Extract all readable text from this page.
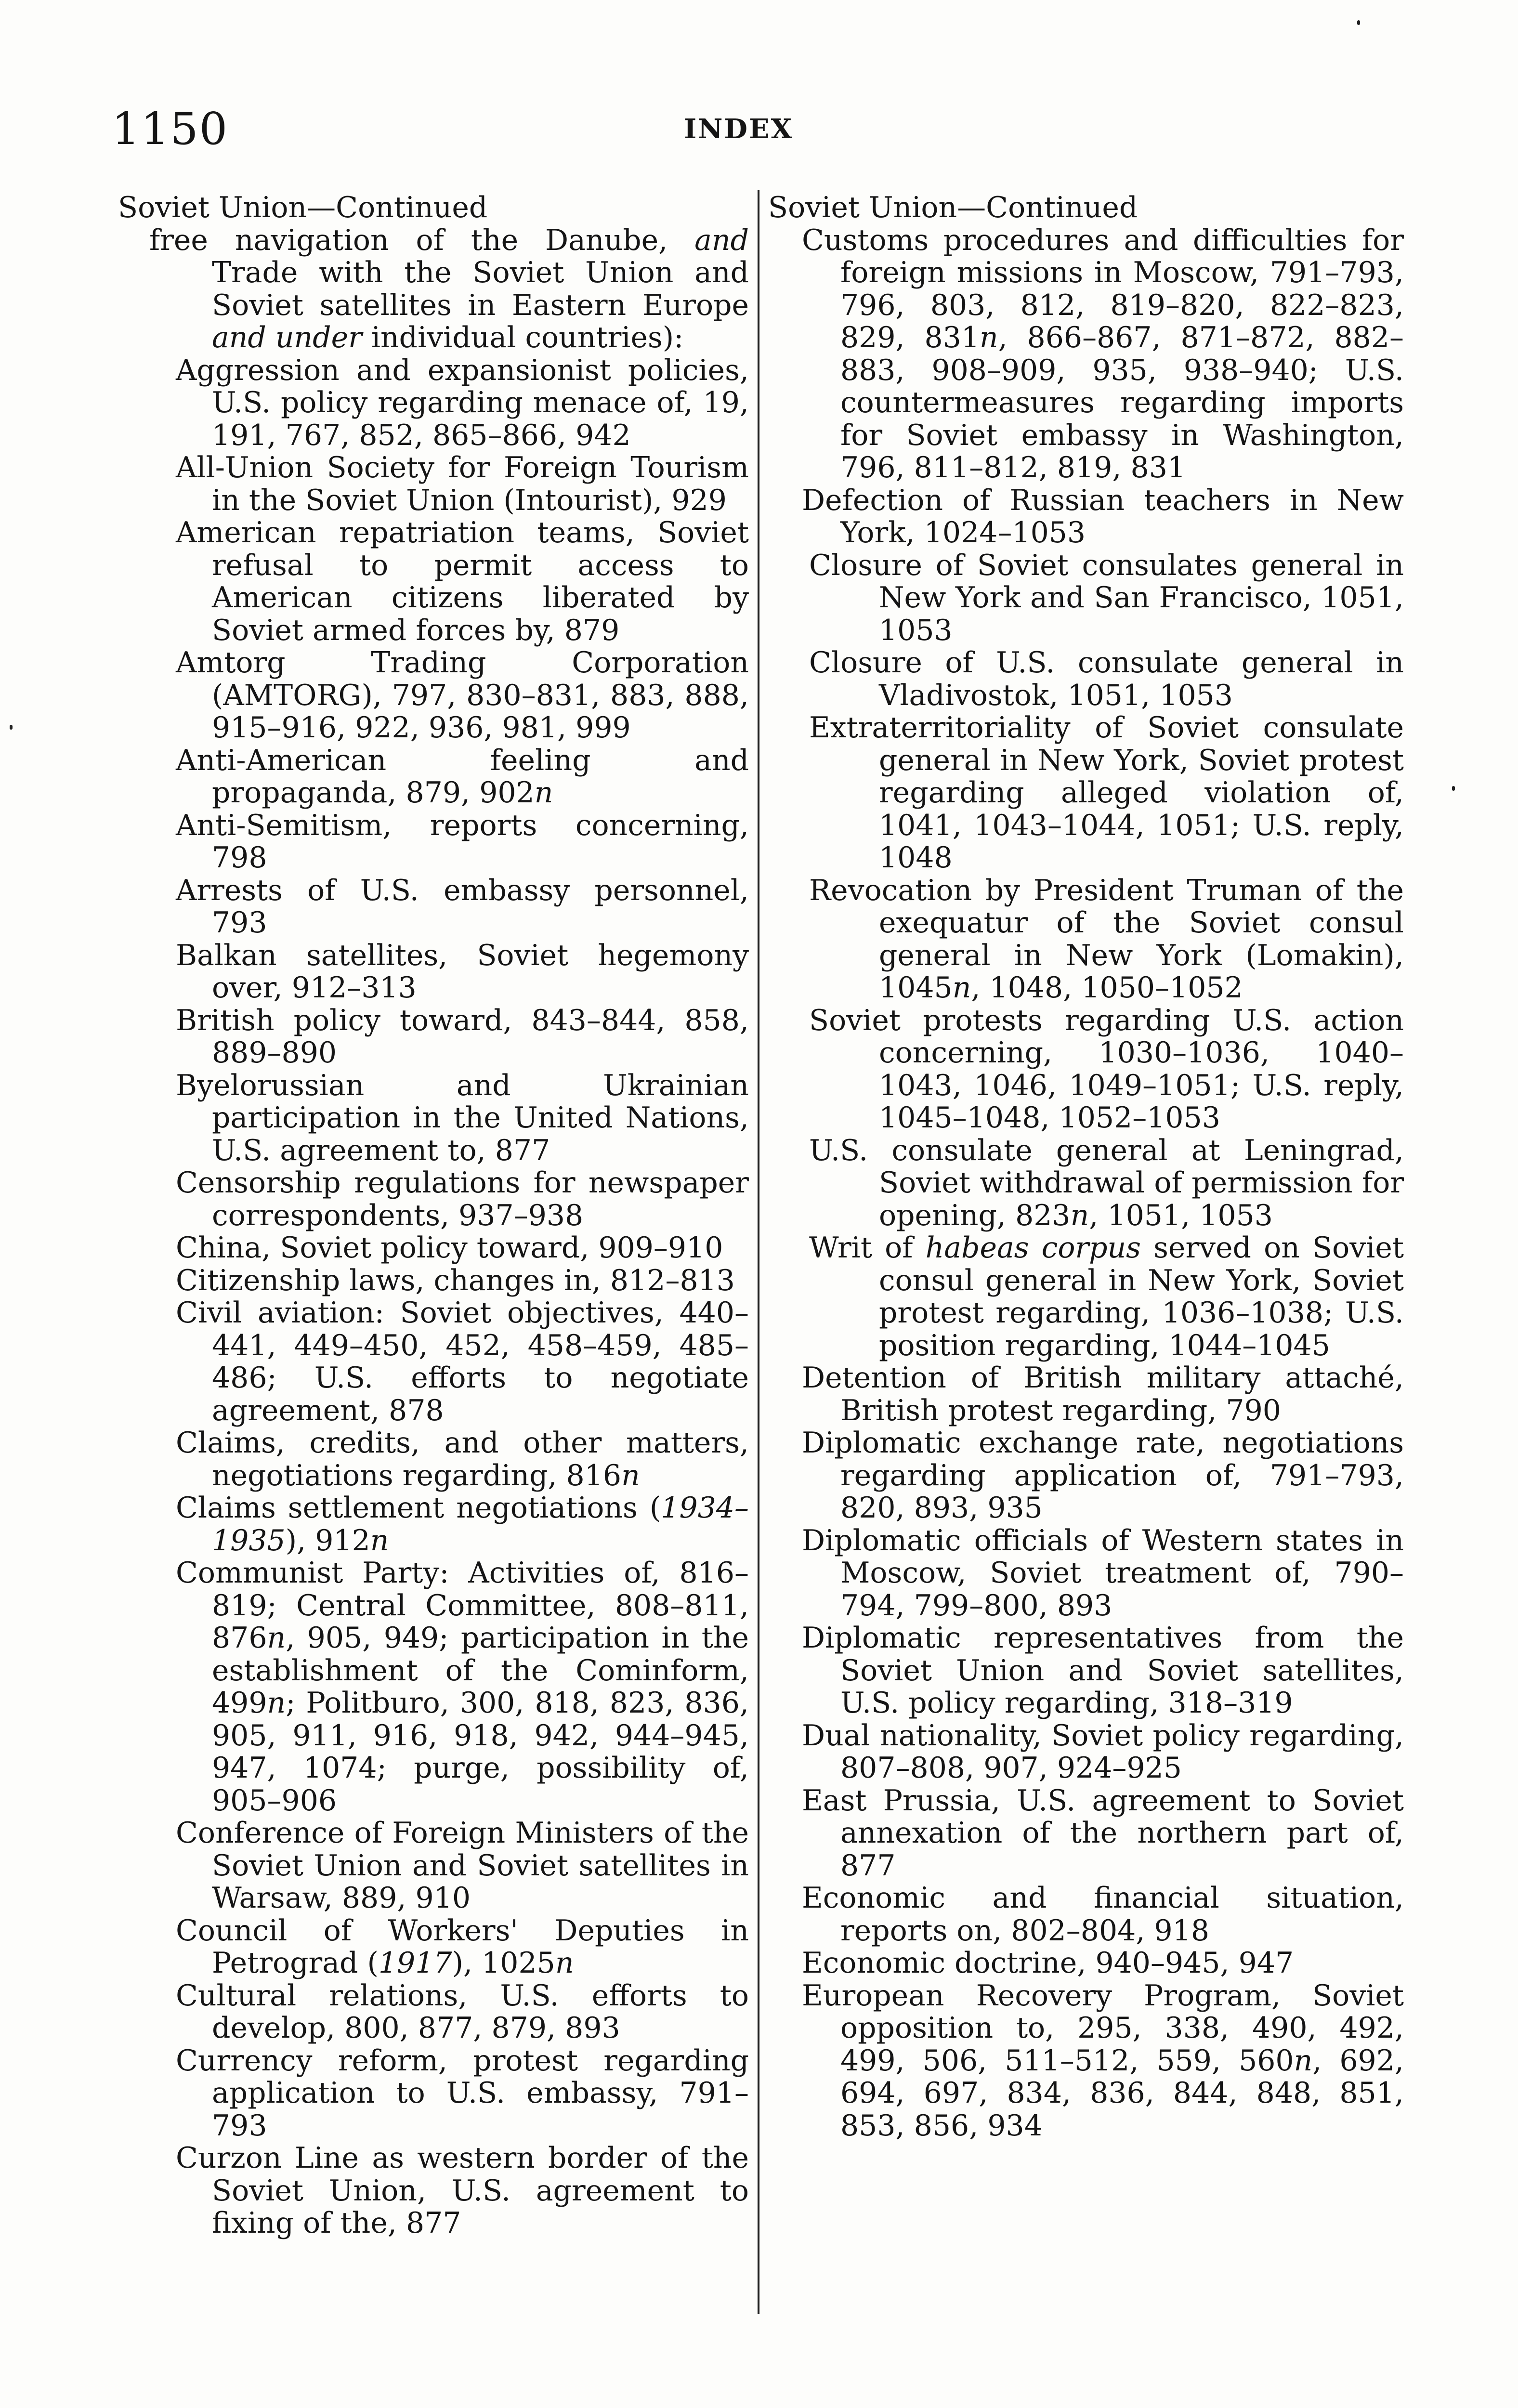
1150	INDEX

Soviet Union—Continued

free navigation of the Danube, and Trade with the Soviet Union and Soviet satellites in Eastern Europe and under individual countries):

Aggression and expansionist policies, U.S. policy regarding menace of, 19, 191, 767, 852, 865–866, 942

All-Union Society for Foreign Tourism in the Soviet Union (Intourist), 929

American repatriation teams, Soviet refusal to permit access to American citizens liberated by Soviet armed forces by, 879

Amtorg Trading Corporation (AMTORG), 797, 830–831, 883, 888, 915–916, 922, 936, 981, 999

Anti-American feeling and propaganda, 879, 902n

Anti-Semitism, reports concerning, 798

Arrests of U.S. embassy personnel, 793

Balkan satellites, Soviet hegemony over, 912–313

British policy toward, 843–844, 858, 889–890

Byelorussian and Ukrainian participation in the United Nations, U.S. agreement to, 877

Censorship regulations for newspaper correspondents, 937–938

China, Soviet policy toward, 909–910

Citizenship laws, changes in, 812–813

Civil aviation: Soviet objectives, 440–441, 449–450, 452, 458–459, 485–486; U.S. efforts to negotiate agreement, 878

Claims, credits, and other matters, negotiations regarding, 816n

Claims settlement negotiations (1934–1935), 912n

Communist Party: Activities of, 816–819; Central Committee, 808–811, 876n, 905, 949; participation in the establishment of the Cominform, 499n; Politburo, 300, 818, 823, 836, 905, 911, 916, 918, 942, 944–945, 947, 1074; purge, possibility of, 905–906

Conference of Foreign Ministers of the Soviet Union and Soviet satellites in Warsaw, 889, 910

Council of Workers' Deputies in Petrograd (1917), 1025n

Cultural relations, U.S. efforts to develop, 800, 877, 879, 893

Currency reform, protest regarding application to U.S. embassy, 791–793

Curzon Line as western border of the Soviet Union, U.S. agreement to fixing of the, 877

Soviet Union—Continued

Customs procedures and difficulties for foreign missions in Moscow, 791–793, 796, 803, 812, 819–820, 822–823, 829, 831n, 866–867, 871–872, 882–883, 908–909, 935, 938–940; U.S. countermeasures regarding imports for Soviet embassy in Washington, 796, 811–812, 819, 831

Defection of Russian teachers in New York, 1024–1053

Closure of Soviet consulates general in New York and San Francisco, 1051, 1053

Closure of U.S. consulate general in Vladivostok, 1051, 1053

Extraterritoriality of Soviet consulate general in New York, Soviet protest regarding alleged violation of, 1041, 1043–1044, 1051; U.S. reply, 1048

Revocation by President Truman of the exequatur of the Soviet consul general in New York (Lomakin), 1045n, 1048, 1050–1052

Soviet protests regarding U.S. action concerning, 1030–1036, 1040–1043, 1046, 1049–1051; U.S. reply, 1045–1048, 1052–1053

U.S. consulate general at Leningrad, Soviet withdrawal of permission for opening, 823n, 1051, 1053

Writ of habeas corpus served on Soviet consul general in New York, Soviet protest regarding, 1036–1038; U.S. position regarding, 1044–1045

Detention of British military attaché, British protest regarding, 790

Diplomatic exchange rate, negotiations regarding application of, 791–793, 820, 893, 935

Diplomatic officials of Western states in Moscow, Soviet treatment of, 790–794, 799–800, 893

Diplomatic representatives from the Soviet Union and Soviet satellites, U.S. policy regarding, 318–319

Dual nationality, Soviet policy regarding, 807–808, 907, 924–925

East Prussia, U.S. agreement to Soviet annexation of the northern part of, 877

Economic and financial situation, reports on, 802–804, 918

Economic doctrine, 940–945, 947

European Recovery Program, Soviet opposition to, 295, 338, 490, 492, 499, 506, 511–512, 559, 560n, 692, 694, 697, 834, 836, 844, 848, 851, 853, 856, 934
